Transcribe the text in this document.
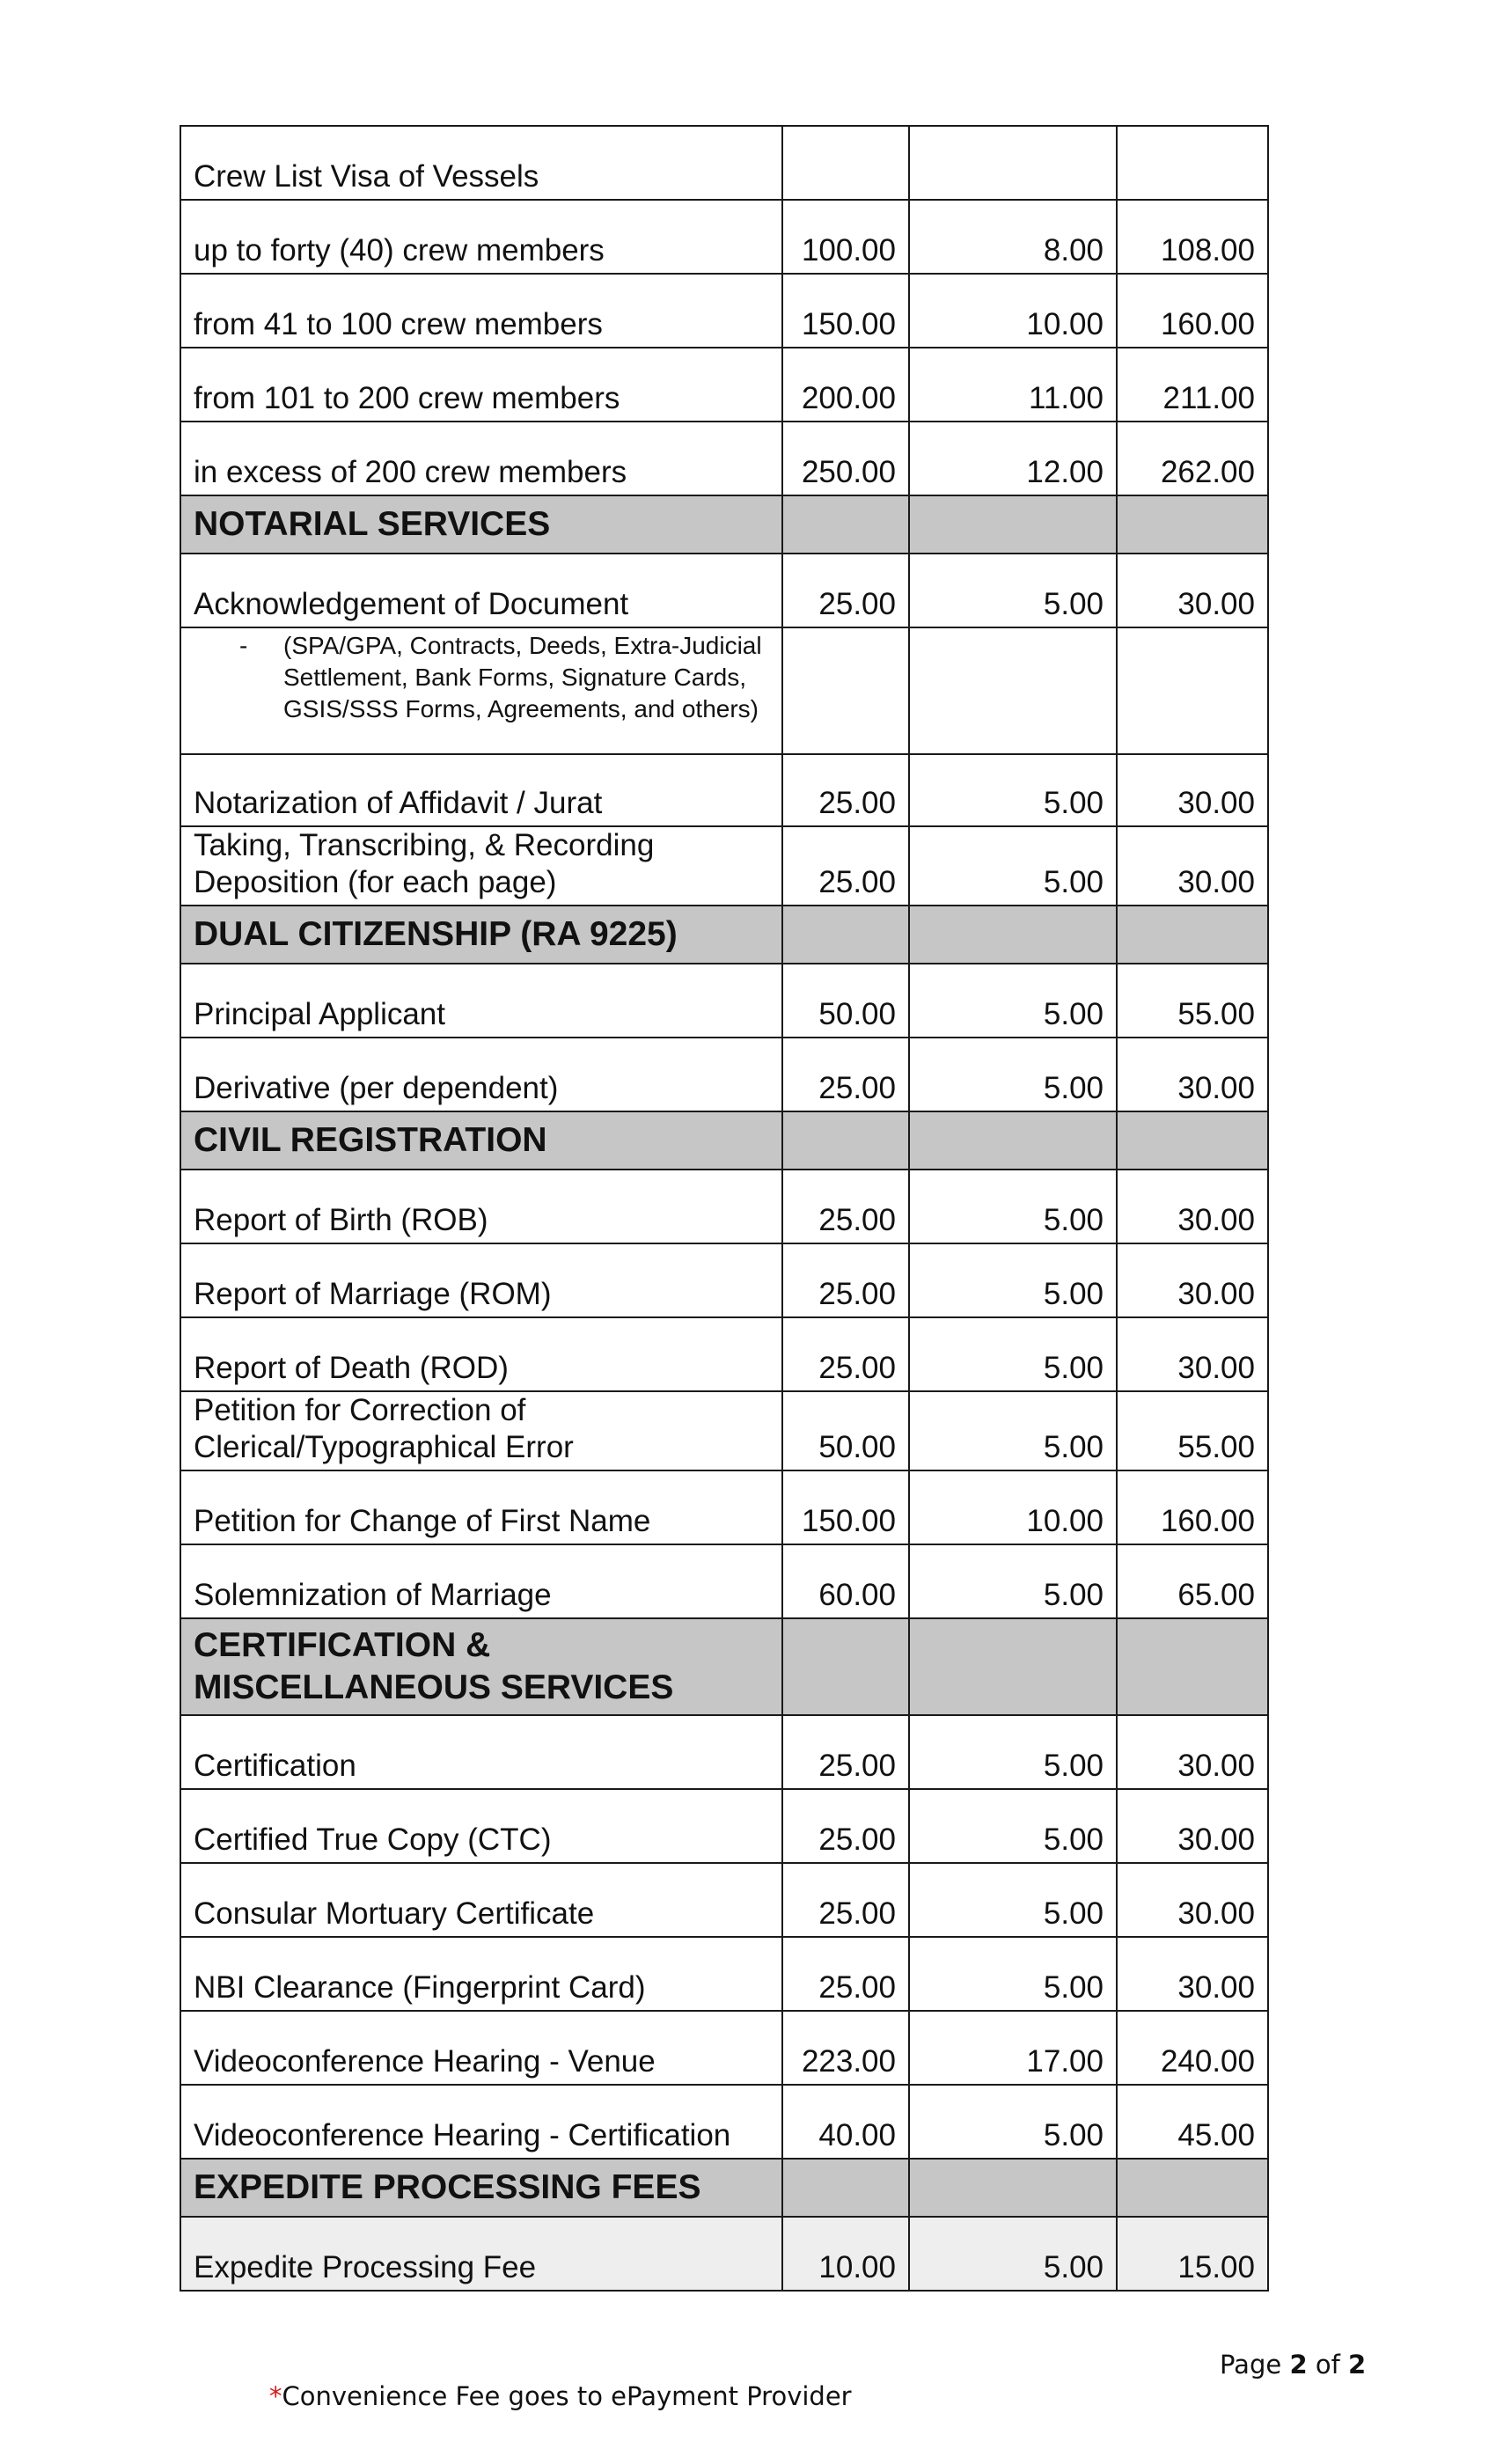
Crew List Visa of Vessels			
up to forty (40) crew members	100.00	8.00	108.00
from 41 to 100 crew members	150.00	10.00	160.00
from 101 to 200 crew members	200.00	11.00	211.00
in excess of 200 crew members	250.00	12.00	262.00
NOTARIAL SERVICES			
Acknowledgement of Document	25.00	5.00	30.00

- (SPA/GPA, Contracts, Deeds, Extra-Judicial Settlement, Bank Forms, Signature Cards, GSIS/SSS Forms, Agreements, and others)			

Notarization of Affidavit / Jurat	25.00	5.00	30.00
Taking, Transcribing, & Recording Deposition (for each page)	25.00	5.00	30.00
DUAL CITIZENSHIP (RA 9225)			
Principal Applicant	50.00	5.00	55.00
Derivative (per dependent)	25.00	5.00	30.00
CIVIL REGISTRATION			
Report of Birth (ROB)	25.00	5.00	30.00
Report of Marriage (ROM)	25.00	5.00	30.00
Report of Death (ROD)	25.00	5.00	30.00
Petition for Correction of Clerical/Typographical Error	50.00	5.00	55.00
Petition for Change of First Name	150.00	10.00	160.00
Solemnization of Marriage	60.00	5.00	65.00
CERTIFICATION & MISCELLANEOUS SERVICES			
Certification	25.00	5.00	30.00
Certified True Copy (CTC)	25.00	5.00	30.00
Consular Mortuary Certificate	25.00	5.00	30.00
NBI Clearance (Fingerprint Card)	25.00	5.00	30.00
Videoconference Hearing - Venue	223.00	17.00	240.00
Videoconference Hearing - Certification	40.00	5.00	45.00
EXPEDITE PROCESSING FEES			
Expedite Processing Fee	10.00	5.00	15.00
Page 2 of 2
*Convenience Fee goes to ePayment Provider
